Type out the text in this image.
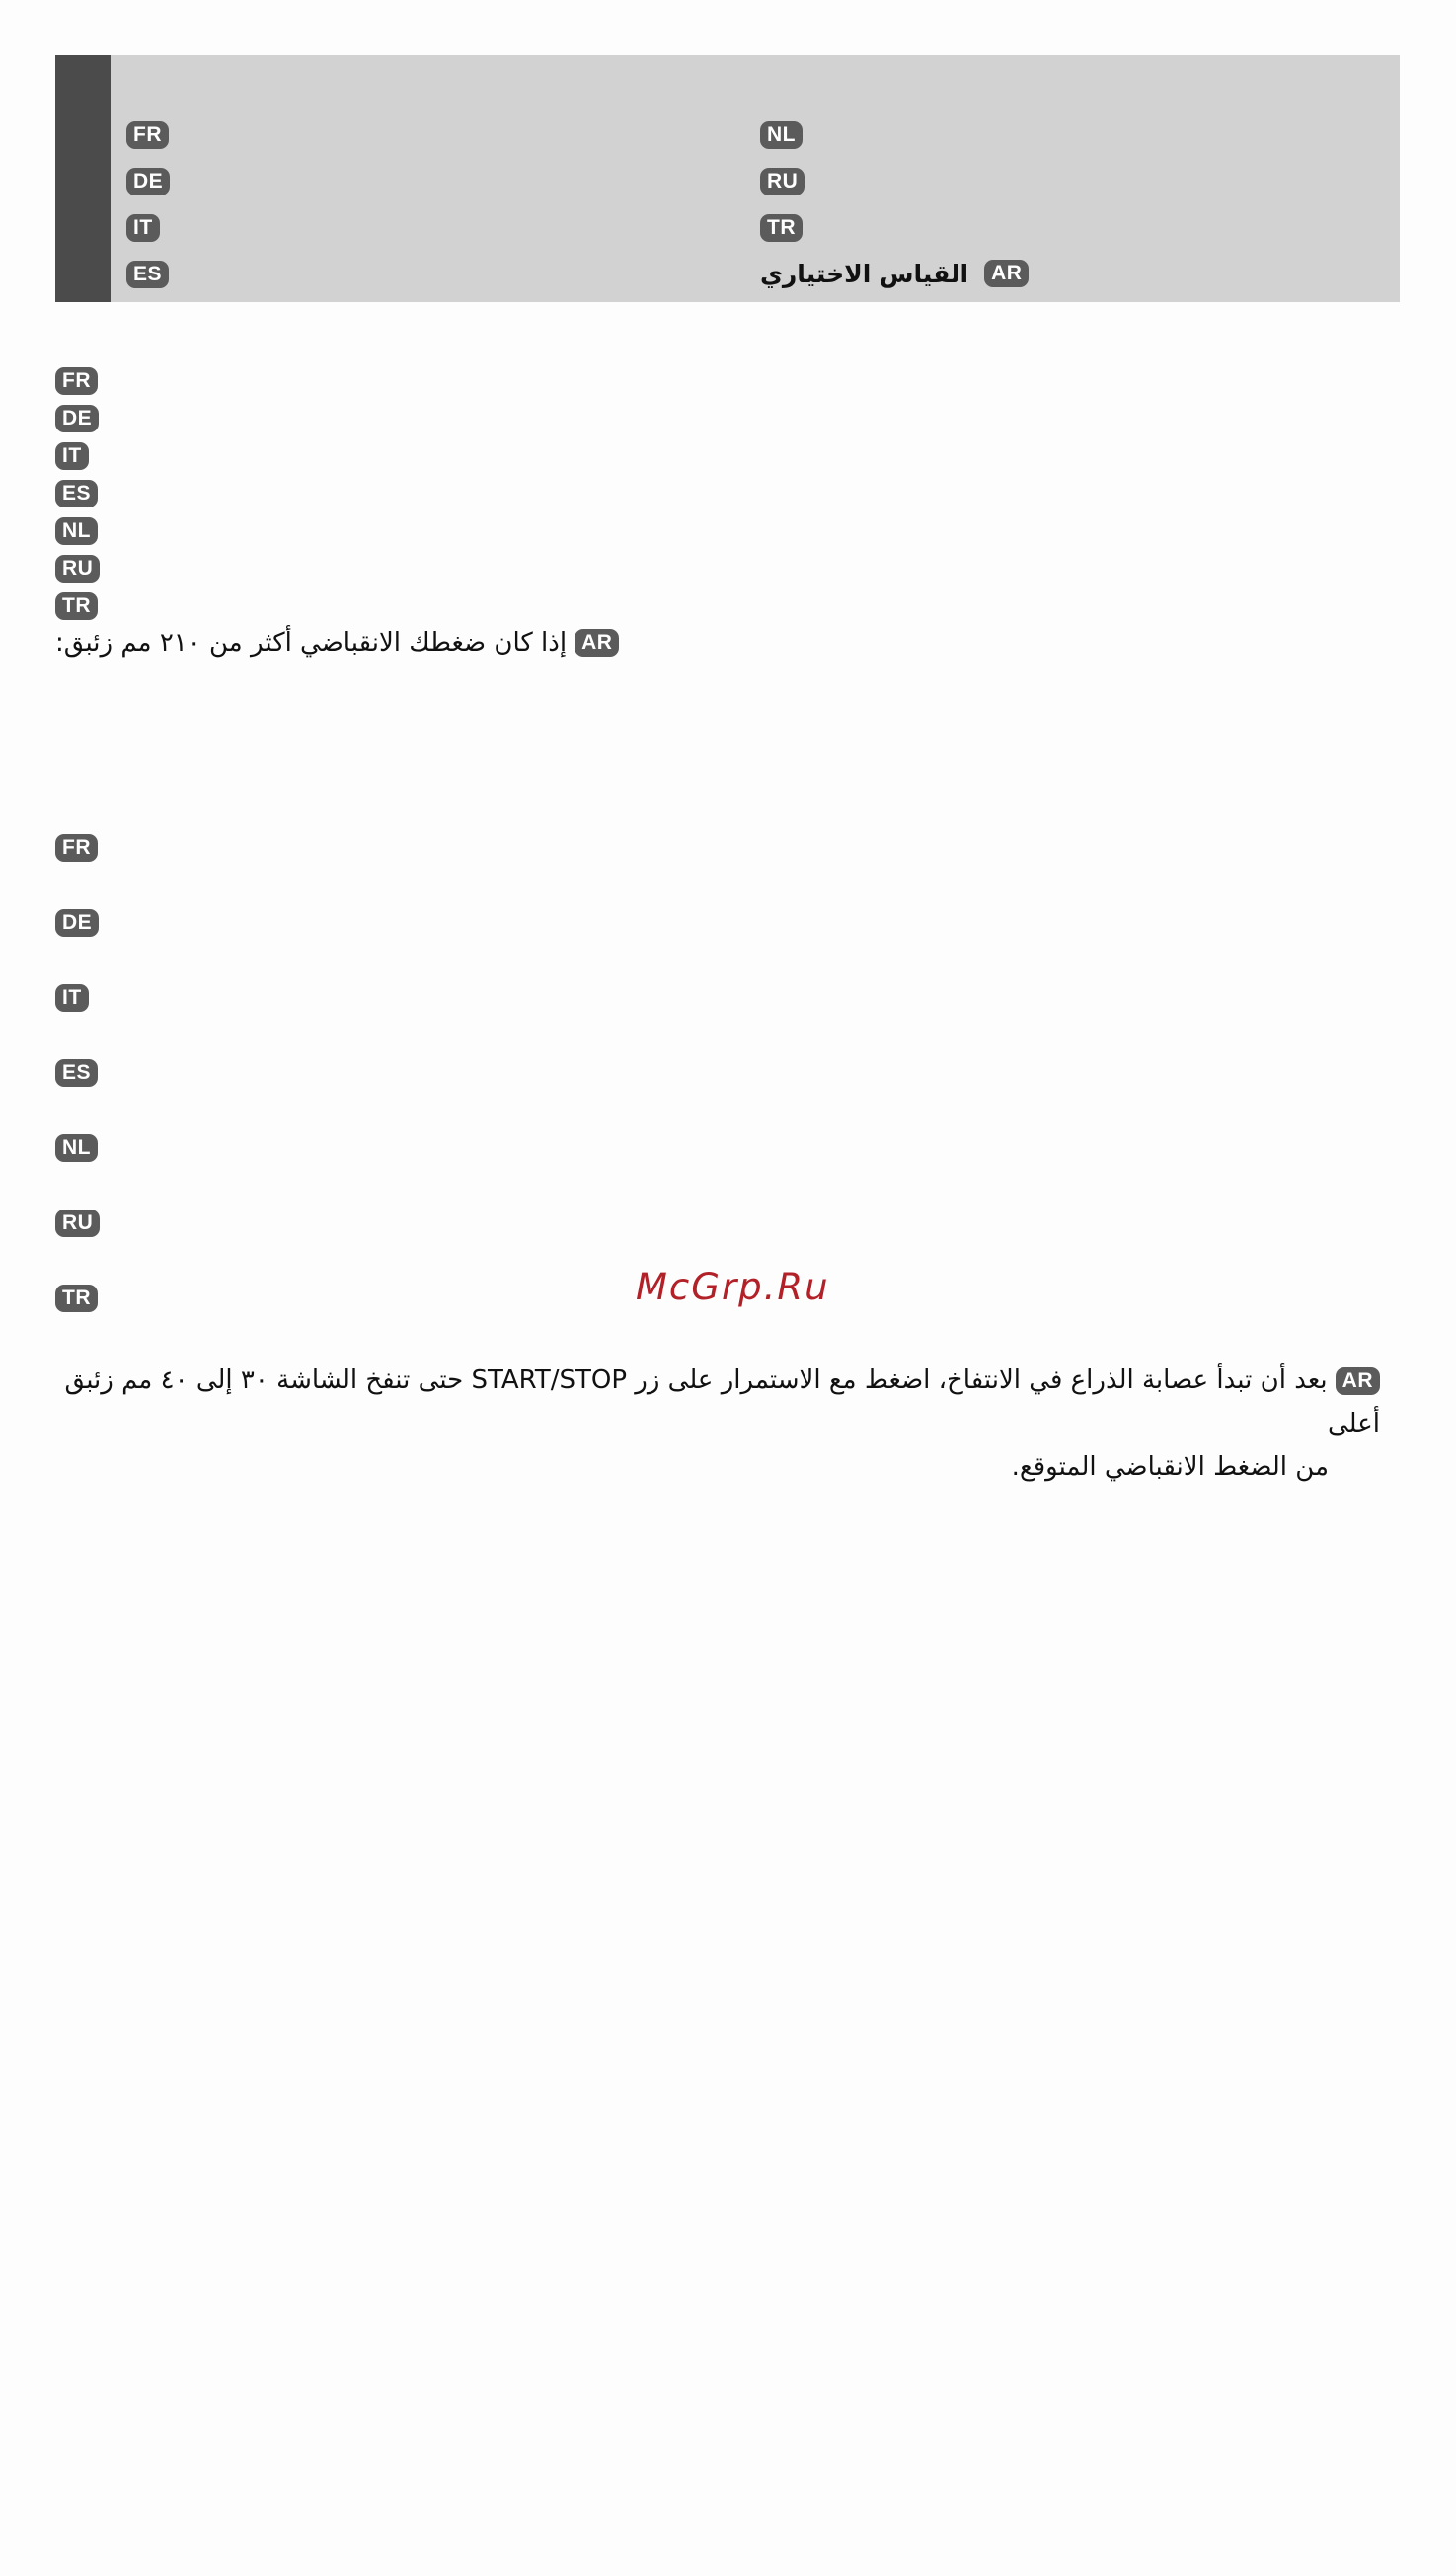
FR
DE
IT
ES
NL
RU
TR
AR
القياس الاختياري
FR
DE
IT
ES
NL
RU
TR
AR
إذا كان ضغطك الانقباضي أكثر من ٢١٠ مم زئبق:
FR
DE
IT
ES
NL
RU
TR	McGrp.Ru
ARبعد أن تبدأ عصابة الذراع في الانتفاخ، اضغط مع الاستمرار على زر START/STOP حتى تنفخ الشاشة ٣٠ إلى ٤٠ مم زئبق أعلى
من الضغط الانقباضي المتوقع.
